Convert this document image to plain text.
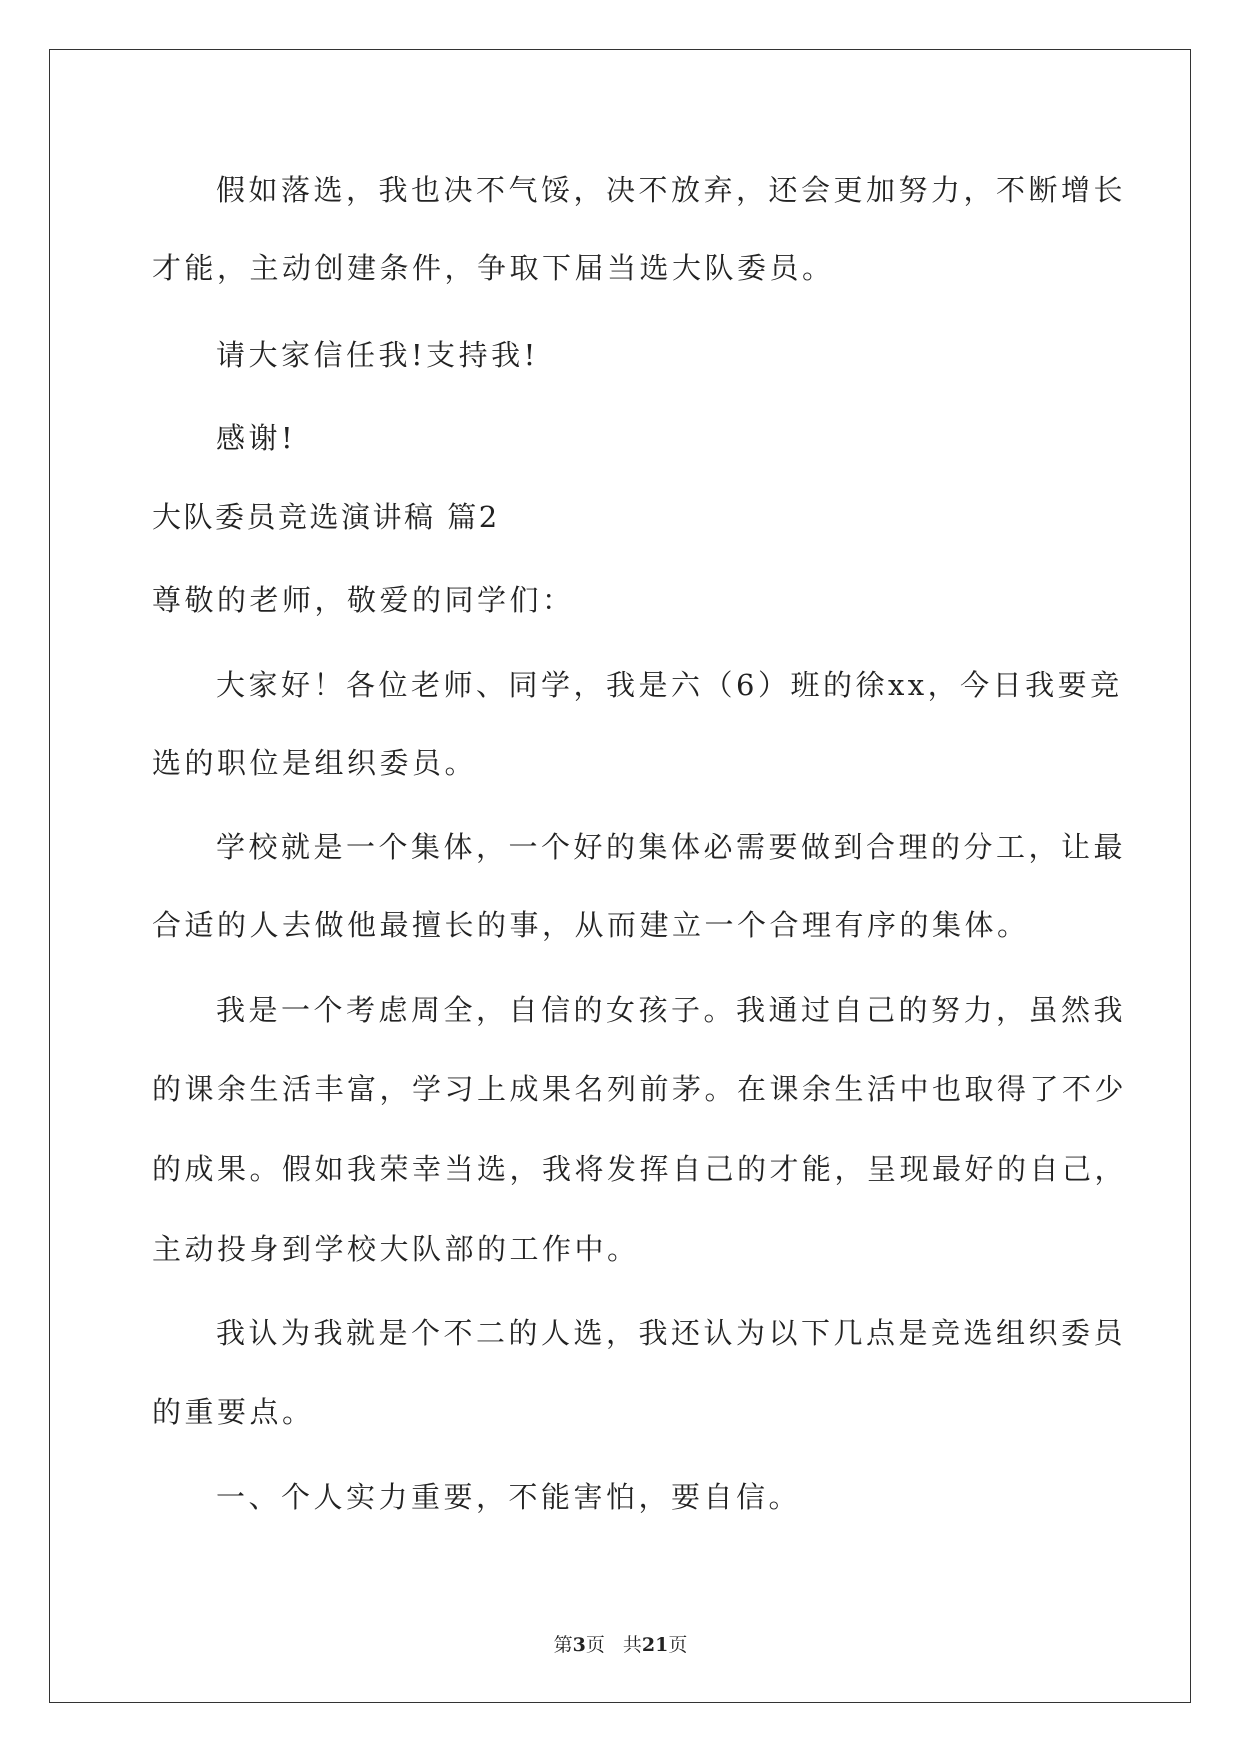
假如落选，我也决不气馁，决不放弃，还会更加努力，不断增长
才能，主动创建条件，争取下届当选大队委员。
请大家信任我!支持我!
感谢!
大队委员竞选演讲稿 篇2
尊敬的老师，敬爱的同学们：
大家好！各位老师、同学，我是六（6）班的徐xx，今日我要竞
选的职位是组织委员。
学校就是一个集体，一个好的集体必需要做到合理的分工，让最
合适的人去做他最擅长的事，从而建立一个合理有序的集体。
我是一个考虑周全，自信的女孩子。我通过自己的努力，虽然我
的课余生活丰富，学习上成果名列前茅。在课余生活中也取得了不少
的成果。假如我荣幸当选，我将发挥自己的才能，呈现最好的自己，
主动投身到学校大队部的工作中。
我认为我就是个不二的人选，我还认为以下几点是竞选组织委员
的重要点。
一、个人实力重要，不能害怕，要自信。
第3页 共21页
